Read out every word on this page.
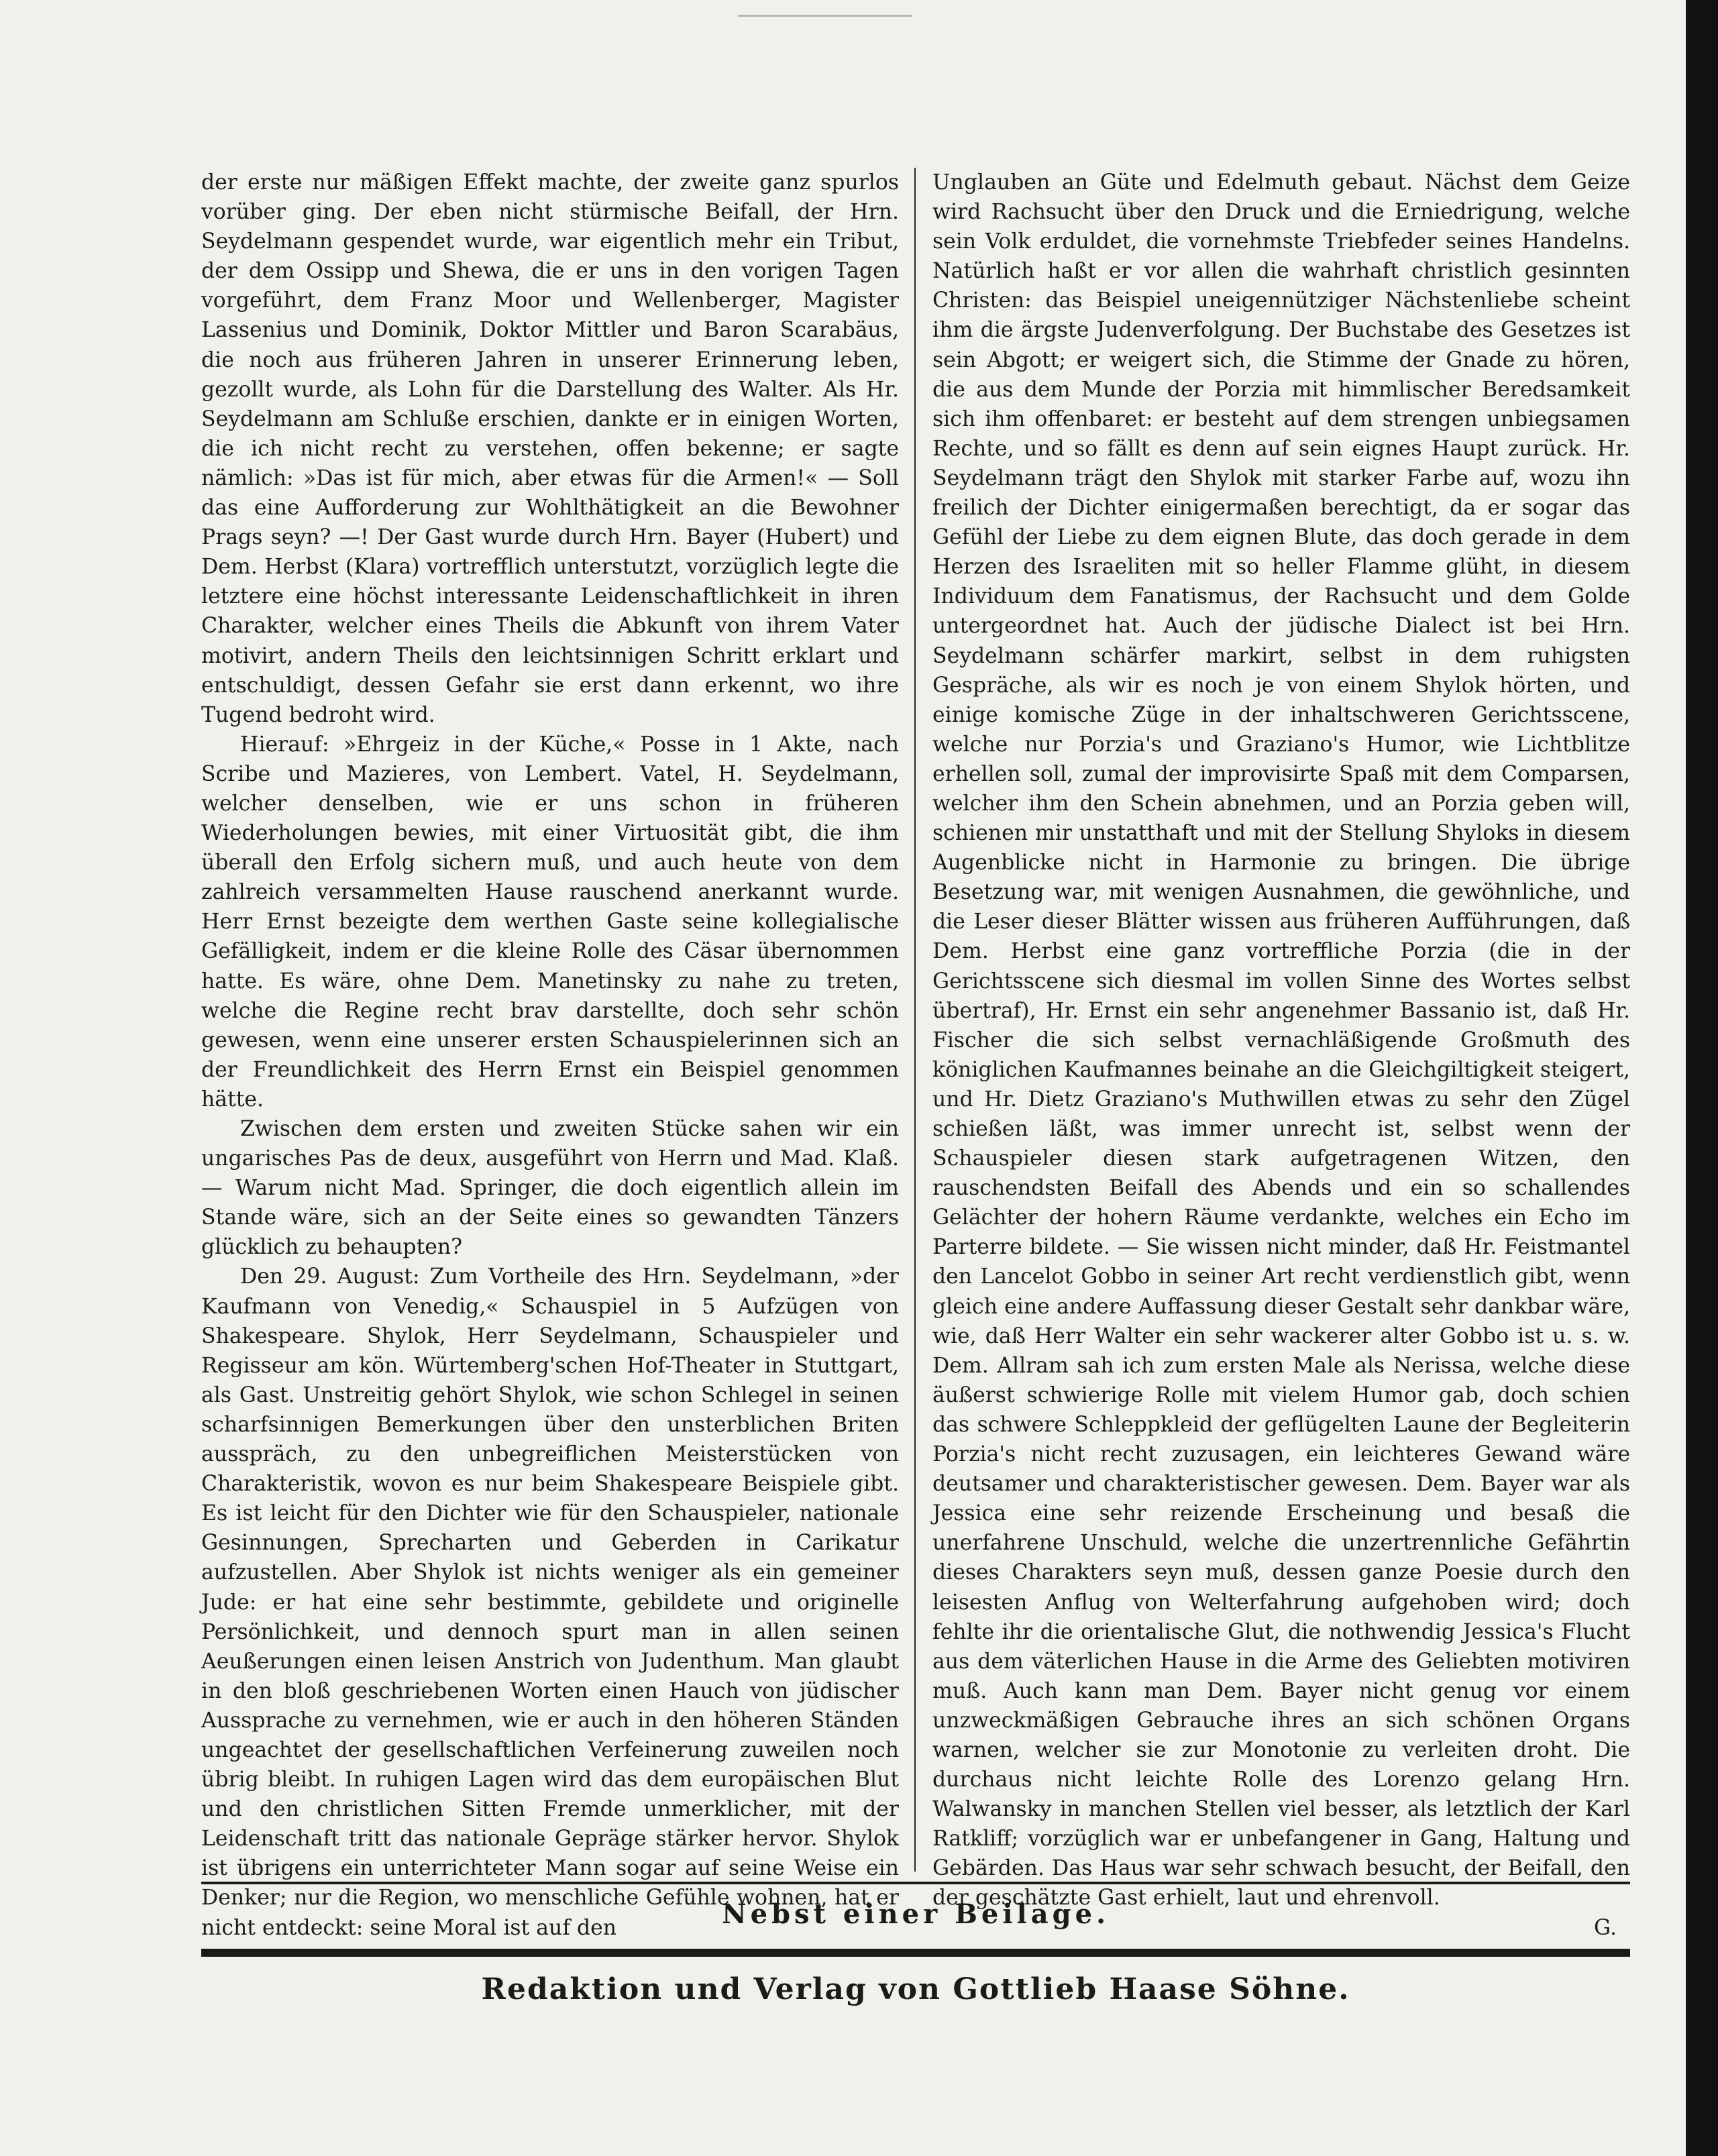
der erste nur mäßigen Effekt machte, der zweite ganz spurlos vorüber ging. Der eben nicht stürmische Beifall, der Hrn. Seydelmann gespendet wurde, war eigentlich mehr ein Tribut, der dem Ossipp und Shewa, die er uns in den vorigen Tagen vorgeführt, dem Franz Moor und Wellenberger, Magister Lassenius und Dominik, Doktor Mittler und Baron Scarabäus, die noch aus früheren Jahren in unserer Erinnerung leben, gezollt wurde, als Lohn für die Darstellung des Walter. Als Hr. Seydelmann am Schluße erschien, dankte er in einigen Worten, die ich nicht recht zu verstehen, offen bekenne; er sagte nämlich: »Das ist für mich, aber etwas für die Armen!« — Soll das eine Aufforderung zur Wohlthätigkeit an die Bewohner Prags seyn? —! Der Gast wurde durch Hrn. Bayer (Hubert) und Dem. Herbst (Klara) vortrefflich unterstutzt, vorzüglich legte die letztere eine höchst interessante Leidenschaftlichkeit in ihren Charakter, welcher eines Theils die Abkunft von ihrem Vater motivirt, andern Theils den leichtsinnigen Schritt erklart und entschuldigt, dessen Gefahr sie erst dann erkennt, wo ihre Tugend bedroht wird.

Hierauf: »Ehrgeiz in der Küche,« Posse in 1 Akte, nach Scribe und Mazieres, von Lembert. Vatel, H. Seydelmann, welcher denselben, wie er uns schon in früheren Wiederholungen bewies, mit einer Virtuosität gibt, die ihm überall den Erfolg sichern muß, und auch heute von dem zahlreich versammelten Hause rauschend anerkannt wurde. Herr Ernst bezeigte dem werthen Gaste seine kollegialische Gefälligkeit, indem er die kleine Rolle des Cäsar übernommen hatte. Es wäre, ohne Dem. Manetinsky zu nahe zu treten, welche die Regine recht brav darstellte, doch sehr schön gewesen, wenn eine unserer ersten Schauspielerinnen sich an der Freundlichkeit des Herrn Ernst ein Beispiel genommen hätte.

Zwischen dem ersten und zweiten Stücke sahen wir ein ungarisches Pas de deux, ausgeführt von Herrn und Mad. Klaß. — Warum nicht Mad. Springer, die doch eigentlich allein im Stande wäre, sich an der Seite eines so gewandten Tänzers glücklich zu behaupten?

Den 29. August: Zum Vortheile des Hrn. Seydelmann, »der Kaufmann von Venedig,« Schauspiel in 5 Aufzügen von Shakespeare. Shylok, Herr Seydelmann, Schauspieler und Regisseur am kön. Würtemberg'schen Hof-Theater in Stuttgart, als Gast. Unstreitig gehört Shylok, wie schon Schlegel in seinen scharfsinnigen Bemerkungen über den unsterblichen Briten ausspräch, zu den unbegreiflichen Meisterstücken von Charakteristik, wovon es nur beim Shakespeare Beispiele gibt. Es ist leicht für den Dichter wie für den Schauspieler, nationale Gesinnungen, Sprecharten und Geberden in Carikatur aufzustellen. Aber Shylok ist nichts weniger als ein gemeiner Jude: er hat eine sehr bestimmte, gebildete und originelle Persönlichkeit, und dennoch spurt man in allen seinen Aeußerungen einen leisen Anstrich von Judenthum. Man glaubt in den bloß geschriebenen Worten einen Hauch von jüdischer Aussprache zu vernehmen, wie er auch in den höheren Ständen ungeachtet der gesellschaftlichen Verfeinerung zuweilen noch übrig bleibt. In ruhigen Lagen wird das dem europäischen Blut und den christlichen Sitten Fremde unmerklicher, mit der Leidenschaft tritt das nationale Gepräge stärker hervor. Shylok ist übrigens ein unterrichteter Mann sogar auf seine Weise ein Denker; nur die Region, wo menschliche Gefühle wohnen, hat er nicht entdeckt: seine Moral ist auf den

Unglauben an Güte und Edelmuth gebaut. Nächst dem Geize wird Rachsucht über den Druck und die Erniedrigung, welche sein Volk erduldet, die vornehmste Triebfeder seines Handelns. Natürlich haßt er vor allen die wahrhaft christlich gesinnten Christen: das Beispiel uneigennütziger Nächstenliebe scheint ihm die ärgste Judenverfolgung. Der Buchstabe des Gesetzes ist sein Abgott; er weigert sich, die Stimme der Gnade zu hören, die aus dem Munde der Porzia mit himmlischer Beredsamkeit sich ihm offenbaret: er besteht auf dem strengen unbiegsamen Rechte, und so fällt es denn auf sein eignes Haupt zurück. Hr. Seydelmann trägt den Shylok mit starker Farbe auf, wozu ihn freilich der Dichter einigermaßen berechtigt, da er sogar das Gefühl der Liebe zu dem eignen Blute, das doch gerade in dem Herzen des Israeliten mit so heller Flamme glüht, in diesem Individuum dem Fanatismus, der Rachsucht und dem Golde untergeordnet hat. Auch der jüdische Dialect ist bei Hrn. Seydelmann schärfer markirt, selbst in dem ruhigsten Gespräche, als wir es noch je von einem Shylok hörten, und einige komische Züge in der inhaltschweren Gerichtsscene, welche nur Porzia's und Graziano's Humor, wie Lichtblitze erhellen soll, zumal der improvisirte Spaß mit dem Comparsen, welcher ihm den Schein abnehmen, und an Porzia geben will, schienen mir unstatthaft und mit der Stellung Shyloks in diesem Augenblicke nicht in Harmonie zu bringen. Die übrige Besetzung war, mit wenigen Ausnahmen, die gewöhnliche, und die Leser dieser Blätter wissen aus früheren Aufführungen, daß Dem. Herbst eine ganz vortreffliche Porzia (die in der Gerichtsscene sich diesmal im vollen Sinne des Wortes selbst übertraf), Hr. Ernst ein sehr angenehmer Bassanio ist, daß Hr. Fischer die sich selbst vernachläßigende Großmuth des königlichen Kaufmannes beinahe an die Gleichgiltigkeit steigert, und Hr. Dietz Graziano's Muthwillen etwas zu sehr den Zügel schießen läßt, was immer unrecht ist, selbst wenn der Schauspieler diesen stark aufgetragenen Witzen, den rauschendsten Beifall des Abends und ein so schallendes Gelächter der hohern Räume verdankte, welches ein Echo im Parterre bildete. — Sie wissen nicht minder, daß Hr. Feistmantel den Lancelot Gobbo in seiner Art recht verdienstlich gibt, wenn gleich eine andere Auffassung dieser Gestalt sehr dankbar wäre, wie, daß Herr Walter ein sehr wackerer alter Gobbo ist u. s. w. Dem. Allram sah ich zum ersten Male als Nerissa, welche diese äußerst schwierige Rolle mit vielem Humor gab, doch schien das schwere Schleppkleid der geflügelten Laune der Begleiterin Porzia's nicht recht zuzusagen, ein leichteres Gewand wäre deutsamer und charakteristischer gewesen. Dem. Bayer war als Jessica eine sehr reizende Erscheinung und besaß die unerfahrene Unschuld, welche die unzertrennliche Gefährtin dieses Charakters seyn muß, dessen ganze Poesie durch den leisesten Anflug von Welterfahrung aufgehoben wird; doch fehlte ihr die orientalische Glut, die nothwendig Jessica's Flucht aus dem väterlichen Hause in die Arme des Geliebten motiviren muß. Auch kann man Dem. Bayer nicht genug vor einem unzweckmäßigen Gebrauche ihres an sich schönen Organs warnen, welcher sie zur Monotonie zu verleiten droht. Die durchaus nicht leichte Rolle des Lorenzo gelang Hrn. Walwansky in manchen Stellen viel besser, als letztlich der Karl Ratkliff; vorzüglich war er unbefangener in Gang, Haltung und Gebärden. Das Haus war sehr schwach besucht, der Beifall, den der geschätzte Gast erhielt, laut und ehrenvoll.

G.

Nebst einer Beilage.
Redaktion und Verlag von Gottlieb Haase Söhne.
